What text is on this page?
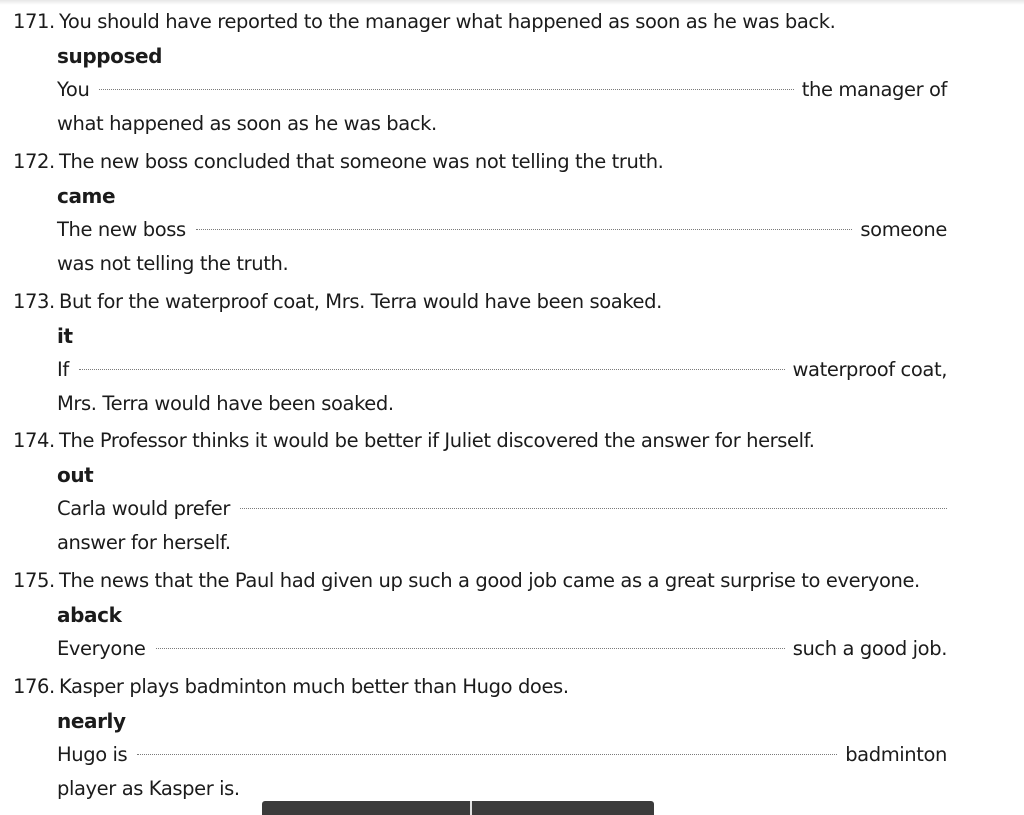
171. You should have reported to the manager what happened as soon as he was back.
supposed
You	the manager of
what happened as soon as he was back.
172. The new boss concluded that someone was not telling the truth.
came
The new boss	someone
was not telling the truth.
173. But for the waterproof coat, Mrs. Terra would have been soaked.
it
If	waterproof coat,
Mrs. Terra would have been soaked.
174. The Professor thinks it would be better if Juliet discovered the answer for herself.
out
Carla would prefer
answer for herself.
175. The news that the Paul had given up such a good job came as a great surprise to everyone.
aback
Everyone	such a good job.
176. Kasper plays badminton much better than Hugo does.
nearly
Hugo is	badminton
player as Kasper is.
